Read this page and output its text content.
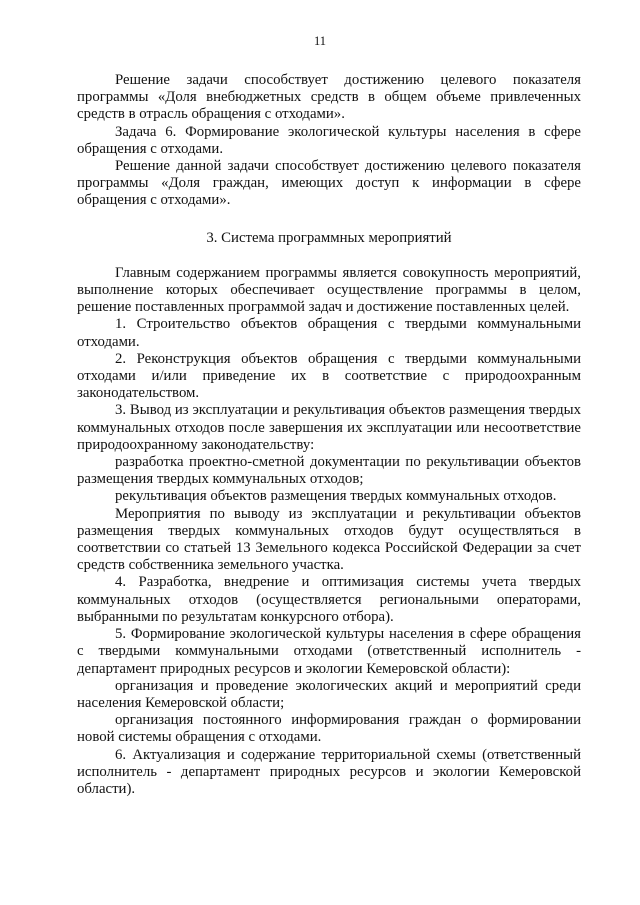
11

Решение задачи способствует достижению целевого показателя программы «Доля внебюджетных средств в общем объеме привлеченных средств в отрасль обращения с отходами».

Задача 6. Формирование экологической культуры населения в сфере обращения с отходами.

Решение данной задачи способствует достижению целевого показателя программы «Доля граждан, имеющих доступ к информации в сфере обращения с отходами».

3. Система программных мероприятий

Главным содержанием программы является совокупность мероприятий, выполнение которых обеспечивает осуществление программы в целом, решение поставленных программой задач и достижение поставленных целей.

1. Строительство объектов обращения с твердыми коммунальными отходами.

2. Реконструкция объектов обращения с твердыми коммунальными отходами и/или приведение их в соответствие с природоохранным законодательством.

3. Вывод из эксплуатации и рекультивация объектов размещения твердых коммунальных отходов после завершения их эксплуатации или несоответствие природоохранному законодательству:

разработка проектно-сметной документации по рекультивации объектов размещения твердых коммунальных отходов;

рекультивация объектов размещения твердых коммунальных отходов.

Мероприятия по выводу из эксплуатации и рекультивации объектов размещения твердых коммунальных отходов будут осуществляться в соответствии со статьей 13 Земельного кодекса Российской Федерации за счет средств собственника земельного участка.

4. Разработка, внедрение и оптимизация системы учета твердых коммунальных отходов (осуществляется региональными операторами, выбранными по результатам конкурсного отбора).

5. Формирование экологической культуры населения в сфере обращения с твердыми коммунальными отходами (ответственный исполнитель - департамент природных ресурсов и экологии Кемеровской области):

организация и проведение экологических акций и мероприятий среди населения Кемеровской области;

организация постоянного информирования граждан о формировании новой системы обращения с отходами.

6. Актуализация и содержание территориальной схемы (ответственный исполнитель - департамент природных ресурсов и экологии Кемеровской области).
